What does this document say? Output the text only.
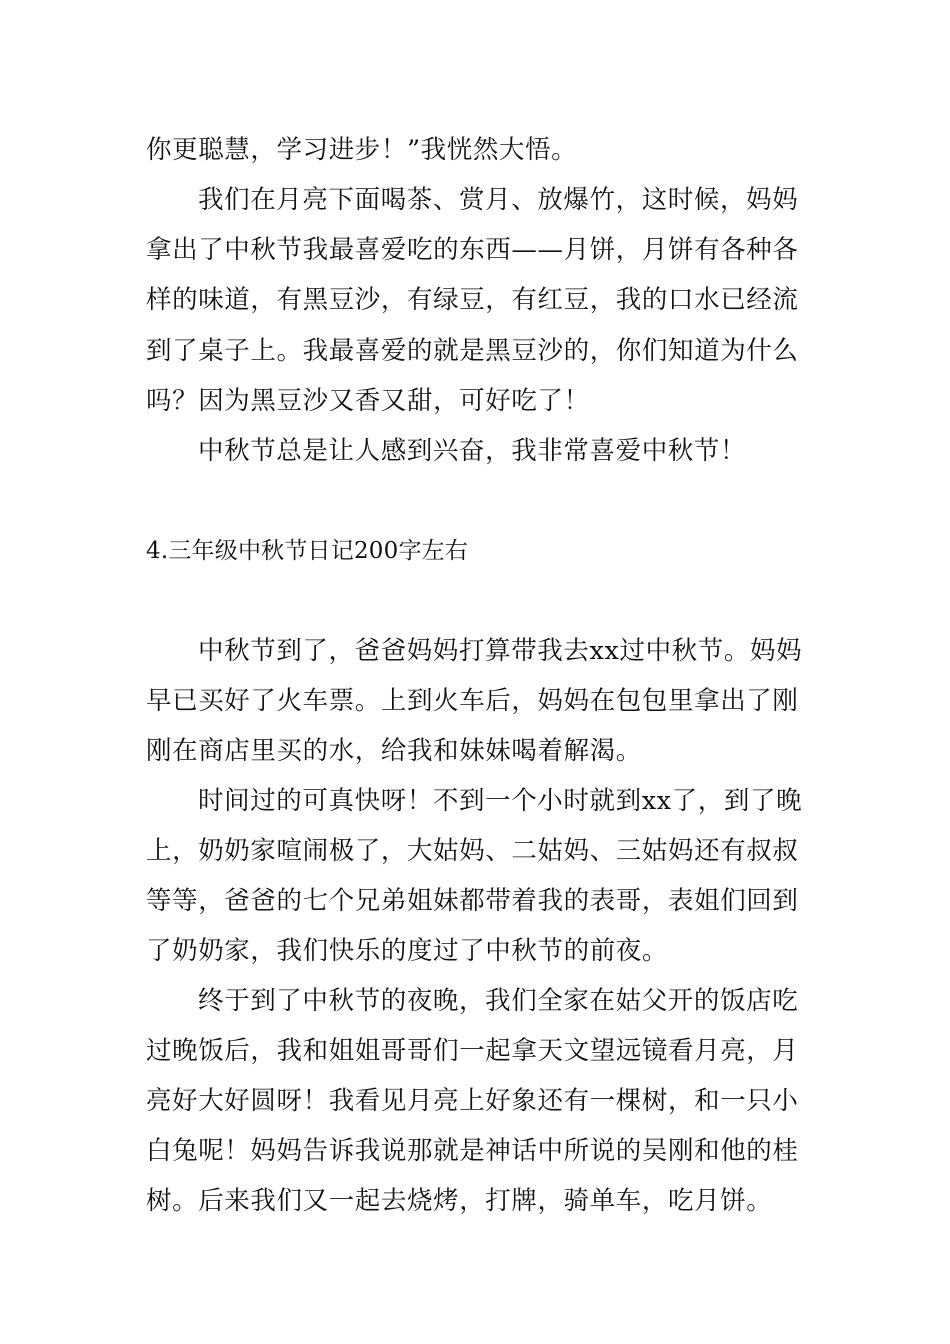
你更聪慧，学习进步！”我恍然大悟。
我们在月亮下面喝茶、赏月、放爆竹，这时候，妈妈
拿出了中秋节我最喜爱吃的东西——月饼，月饼有各种各
样的味道，有黑豆沙，有绿豆，有红豆，我的口水已经流
到了桌子上。我最喜爱的就是黑豆沙的，你们知道为什么
吗？因为黑豆沙又香又甜，可好吃了！
中秋节总是让人感到兴奋，我非常喜爱中秋节！
4.三年级中秋节日记200字左右
中秋节到了，爸爸妈妈打算带我去xx过中秋节。妈妈
早已买好了火车票。上到火车后，妈妈在包包里拿出了刚
刚在商店里买的水，给我和妹妹喝着解渴。
时间过的可真快呀！不到一个小时就到xx了，到了晚
上，奶奶家喧闹极了，大姑妈、二姑妈、三姑妈还有叔叔
等等，爸爸的七个兄弟姐妹都带着我的表哥，表姐们回到
了奶奶家，我们快乐的度过了中秋节的前夜。
终于到了中秋节的夜晚，我们全家在姑父开的饭店吃
过晚饭后，我和姐姐哥哥们一起拿天文望远镜看月亮，月
亮好大好圆呀！我看见月亮上好象还有一棵树，和一只小
白兔呢！妈妈告诉我说那就是神话中所说的吴刚和他的桂
树。后来我们又一起去烧烤，打牌，骑单车，吃月饼。
